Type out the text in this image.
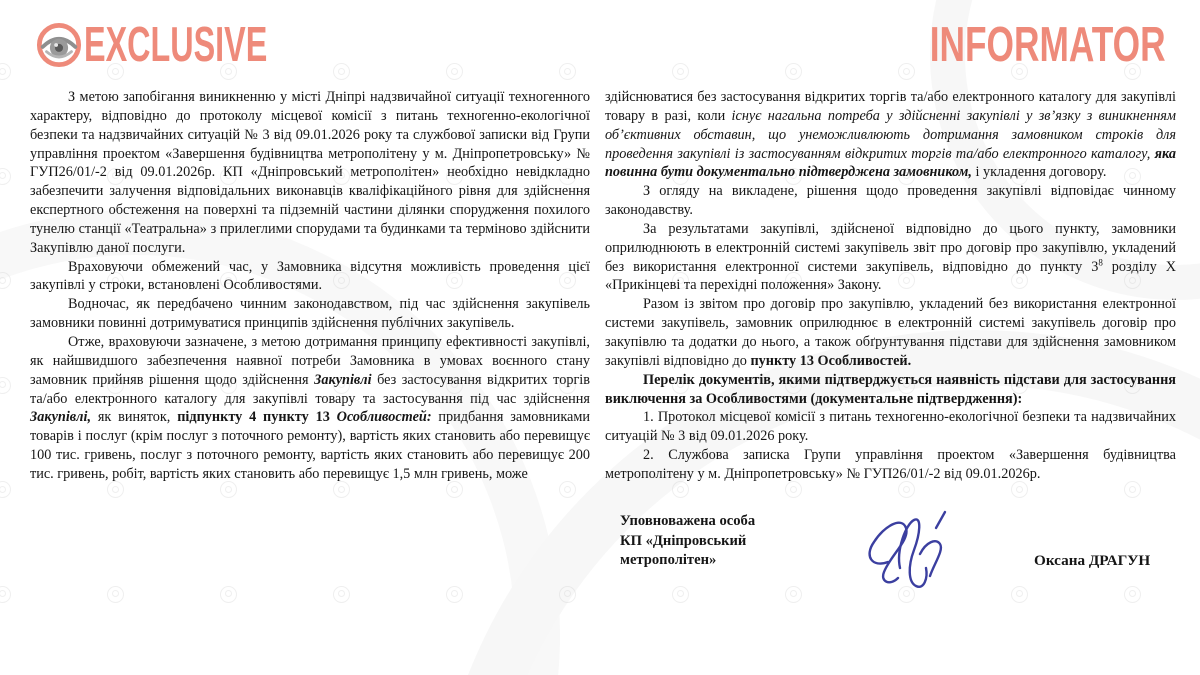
EXCLUSIVE	INFORMATOR

З метою запобігання виникненню у місті Дніпрі надзвичайної ситуації техногенного характеру, відповідно до протоколу місцевої комісії з питань техногенно-екологічної безпеки та надзвичайних ситуацій № 3 від 09.01.2026 року та службової записки від Групи управління проектом «Завершення будівництва метрополітену у м. Дніпропетровську» № ГУП26/01/-2 від 09.01.2026р. КП «Дніпровський метрополітен» необхідно невідкладно забезпечити залучення відповідальних виконавців кваліфікаційного рівня для здійснення експертного обстеження на поверхні та підземній частини ділянки спорудження похилого тунелю станції «Театральна» з прилеглими спорудами та будинками та терміново здійснити Закупівлю даної послуги.

Враховуючи обмежений час, у Замовника відсутня можливість проведення цієї закупівлі у строки, встановлені Особливостями.

Водночас, як передбачено чинним законодавством, під час здійснення закупівель замовники повинні дотримуватися принципів здійснення публічних закупівель.

Отже, враховуючи зазначене, з метою дотримання принципу ефективності закупівлі, як найшвидшого забезпечення наявної потреби Замовника в умовах воєнного стану замовник прийняв рішення щодо здійснення Закупівлі без застосування відкритих торгів та/або електронного каталогу для закупівлі товару та застосування під час здійснення Закупівлі, як виняток, підпункту 4 пункту 13 Особливостей: придбання замовниками товарів і послуг (крім послуг з поточного ремонту), вартість яких становить або перевищує 100 тис. гривень, послуг з поточного ремонту, вартість яких становить або перевищує 200 тис. гривень, робіт, вартість яких становить або перевищує 1,5 млн гривень, може

здійснюватися без застосування відкритих торгів та/або електронного каталогу для закупівлі товару в разі, коли існує нагальна потреба у здійсненні закупівлі у зв’язку з виникненням об’єктивних обставин, що унеможливлюють дотримання замовником строків для проведення закупівлі із застосуванням відкритих торгів та/або електронного каталогу, яка повинна бути документально підтверджена замовником, і укладення договору.

З огляду на викладене, рішення щодо проведення закупівлі відповідає чинному законодавству.

За результатами закупівлі, здійсненої відповідно до цього пункту, замовники оприлюднюють в електронній системі закупівель звіт про договір про закупівлю, укладений без використання електронної системи закупівель, відповідно до пункту $3^8$ розділу X «Прикінцеві та перехідні положення» Закону.

Разом із звітом про договір про закупівлю, укладений без використання електронної системи закупівель, замовник оприлюднює в електронній системі закупівель договір про закупівлю та додатки до нього, а також обґрунтування підстави для здійснення замовником закупівлі відповідно до пункту 13 Особливостей.

Перелік документів, якими підтверджується наявність підстави для застосування виключення за Особливостями (документальне підтвердження):

1. Протокол місцевої комісії з питань техногенно-екологічної безпеки та надзвичайних ситуацій № 3 від 09.01.2026 року.

2. Службова записка Групи управління проектом «Завершення будівництва метрополітену у м. Дніпропетровську» № ГУП26/01/-2 від 09.01.2026р.

Уповноважена особа
КП «Дніпровський
метрополітен»	Оксана ДРАГУН
